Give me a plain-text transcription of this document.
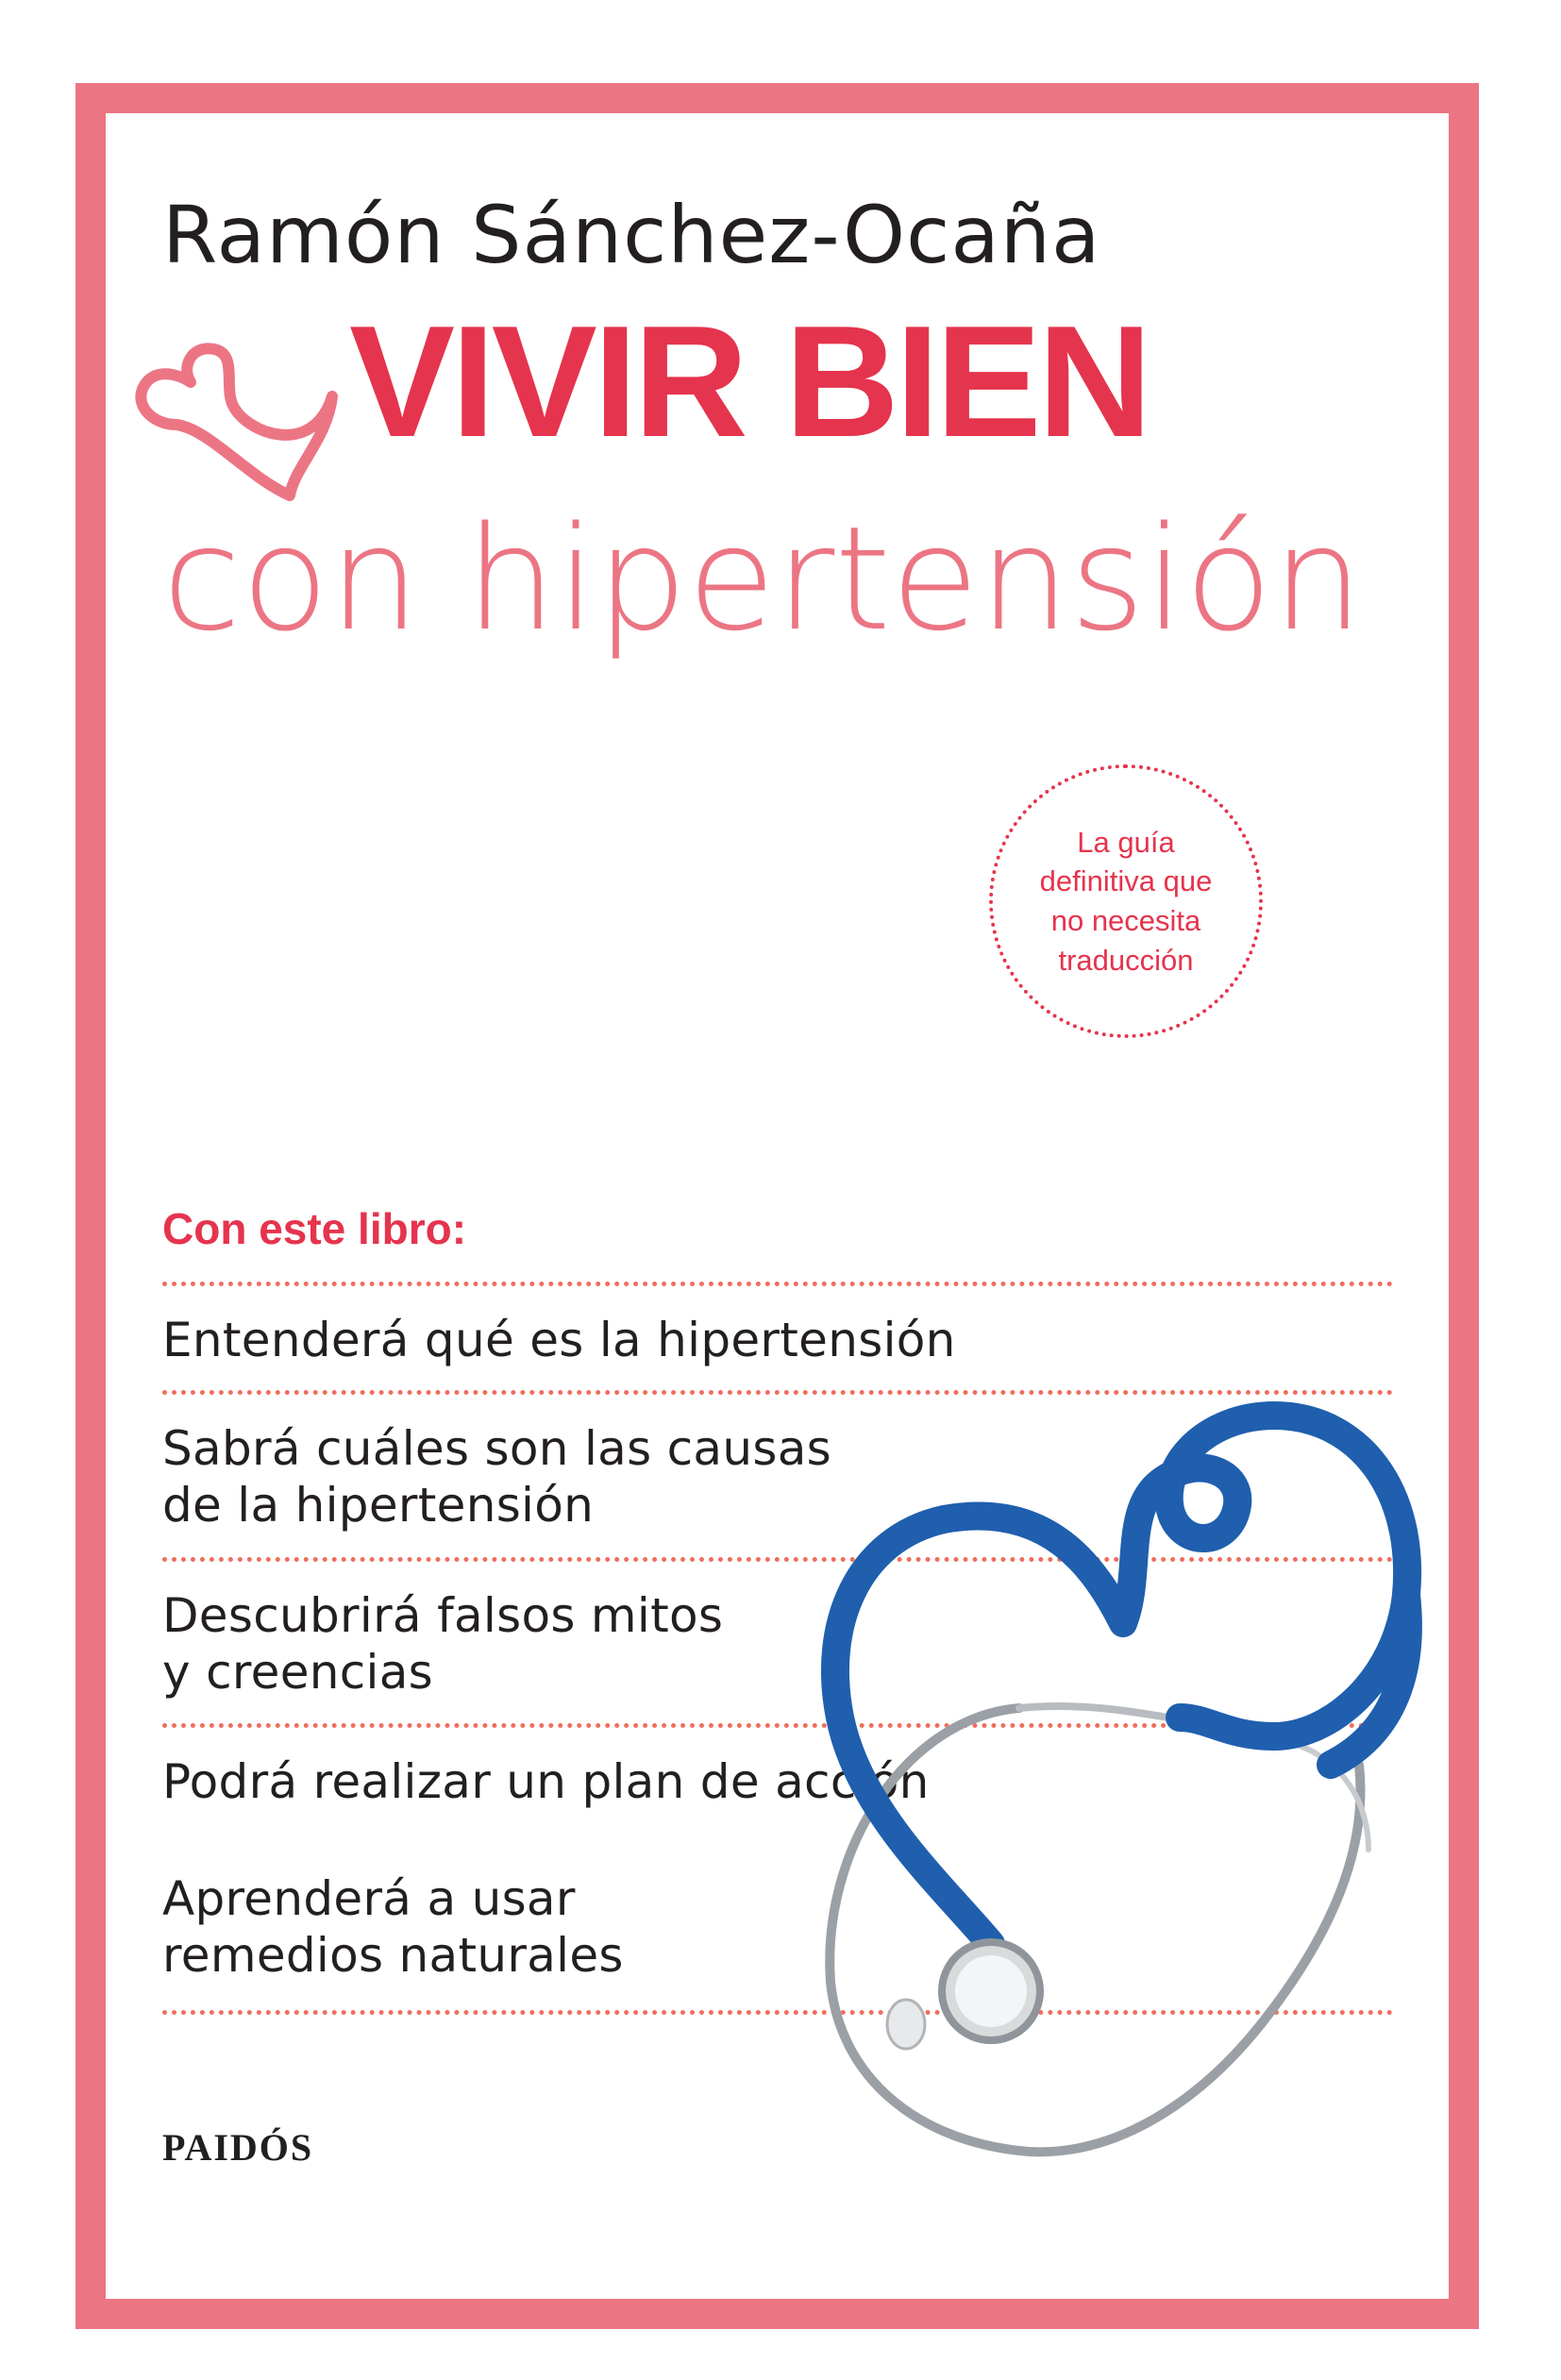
Ramón Sánchez-Ocaña
VIVIR BIEN
con hipertensión
La guía
definitiva que
no necesita
traducción
Con este libro:
Entenderá qué es la hipertensión
Sabrá cuáles son las causas
de la hipertensión
Descubrirá falsos mitos
y creencias
Podrá realizar un plan de acción
Aprenderá a usar
remedios naturales
PAIDÓS
